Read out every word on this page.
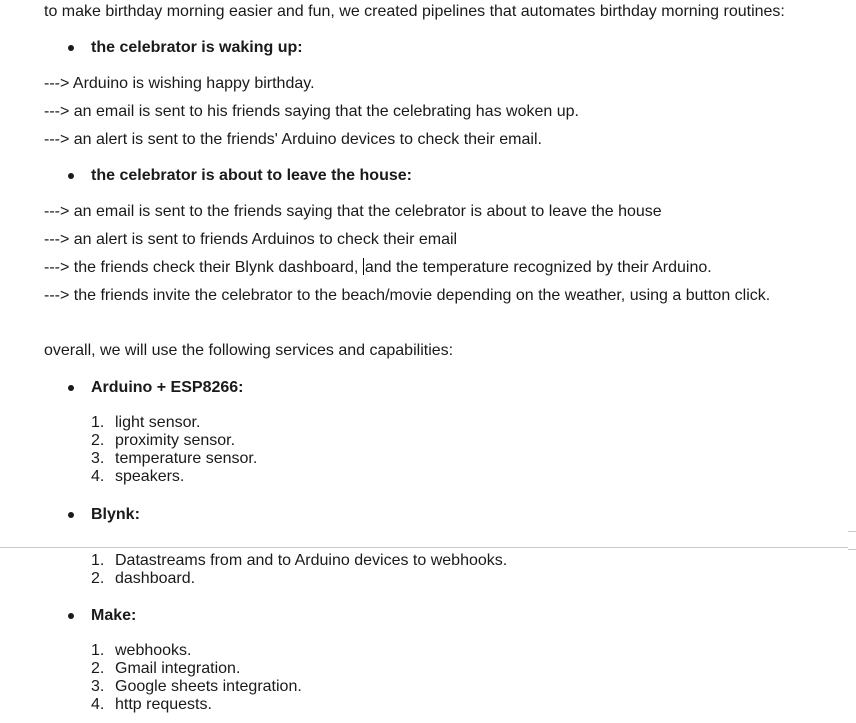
to make birthday morning easier and fun, we created pipelines that automates birthday morning routines:
the celebrator is waking up:
---> Arduino is wishing happy birthday.
---> an email is sent to his friends saying that the celebrating has woken up.
---> an alert is sent to the friends' Arduino devices to check their email.
the celebrator is about to leave the house:
---> an email is sent to the friends saying that the celebrator is about to leave the house
---> an alert is sent to friends Arduinos to check their email
---> the friends check their Blynk dashboard, and the temperature recognized by their Arduino.
---> the friends invite the celebrator to the beach/movie depending on the weather, using a button click.
overall, we will use the following services and capabilities:
Arduino + ESP8266:
1. light sensor.
2. proximity sensor.
3. temperature sensor.
4. speakers.
Blynk:
1. Datastreams from and to Arduino devices to webhooks.
2. dashboard.
Make:
1. webhooks.
2. Gmail integration.
3. Google sheets integration.
4. http requests.
